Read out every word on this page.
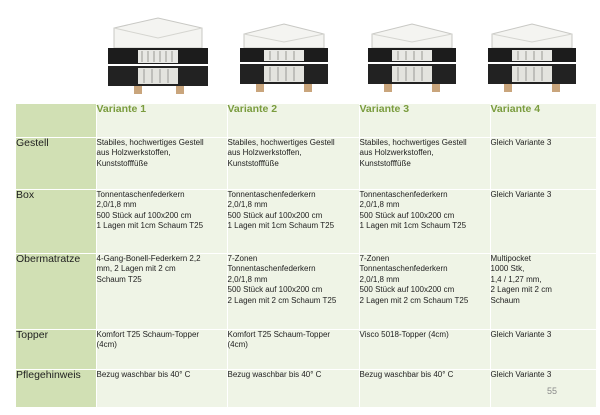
	Variante 1	Variante 2	Variante 3	Variante 4
Gestell	Stabiles, hochwertiges Gestell
aus Holzwerkstoffen,
Kunststofffüße	Stabiles, hochwertiges Gestell
aus Holzwerkstoffen,
Kunststofffüße	Stabiles, hochwertiges Gestell
aus Holzwerkstoffen,
Kunststofffüße	Gleich Variante 3

Box	Tonnentaschenfederkern
2,0/1,8 mm
500 Stück auf 100x200 cm
1 Lagen mit 1cm Schaum T25	Tonnentaschenfederkern
2,0/1,8 mm
500 Stück auf 100x200 cm
1 Lagen mit 1cm Schaum T25	Tonnentaschenfederkern
2,0/1,8 mm
500 Stück auf 100x200 cm
1 Lagen mit 1cm Schaum T25	Gleich Variante 3

Obermatratze	4-Gang-Bonell-Federkern 2,2
mm, 2 Lagen mit 2 cm
Schaum T25	7-Zonen
Tonnentaschenfederkern
2,0/1,8 mm
500 Stück auf 100x200 cm
2 Lagen mit 2 cm Schaum T25	7-Zonen
Tonnentaschenfederkern
2,0/1,8 mm
500 Stück auf 100x200 cm
2 Lagen mit 2 cm Schaum T25	Multipocket
1000 Stk,
1,4 / 1,27 mm,
2 Lagen mit 2 cm
Schaum

Topper	Komfort T25 Schaum-Topper
(4cm)	Komfort T25 Schaum-Topper
(4cm)	Visco 5018-Topper (4cm)	Gleich Variante 3

Pflegehinweis	Bezug waschbar bis 40° C	Bezug waschbar bis 40° C	Bezug waschbar bis 40° C	Gleich Variante 3
55
